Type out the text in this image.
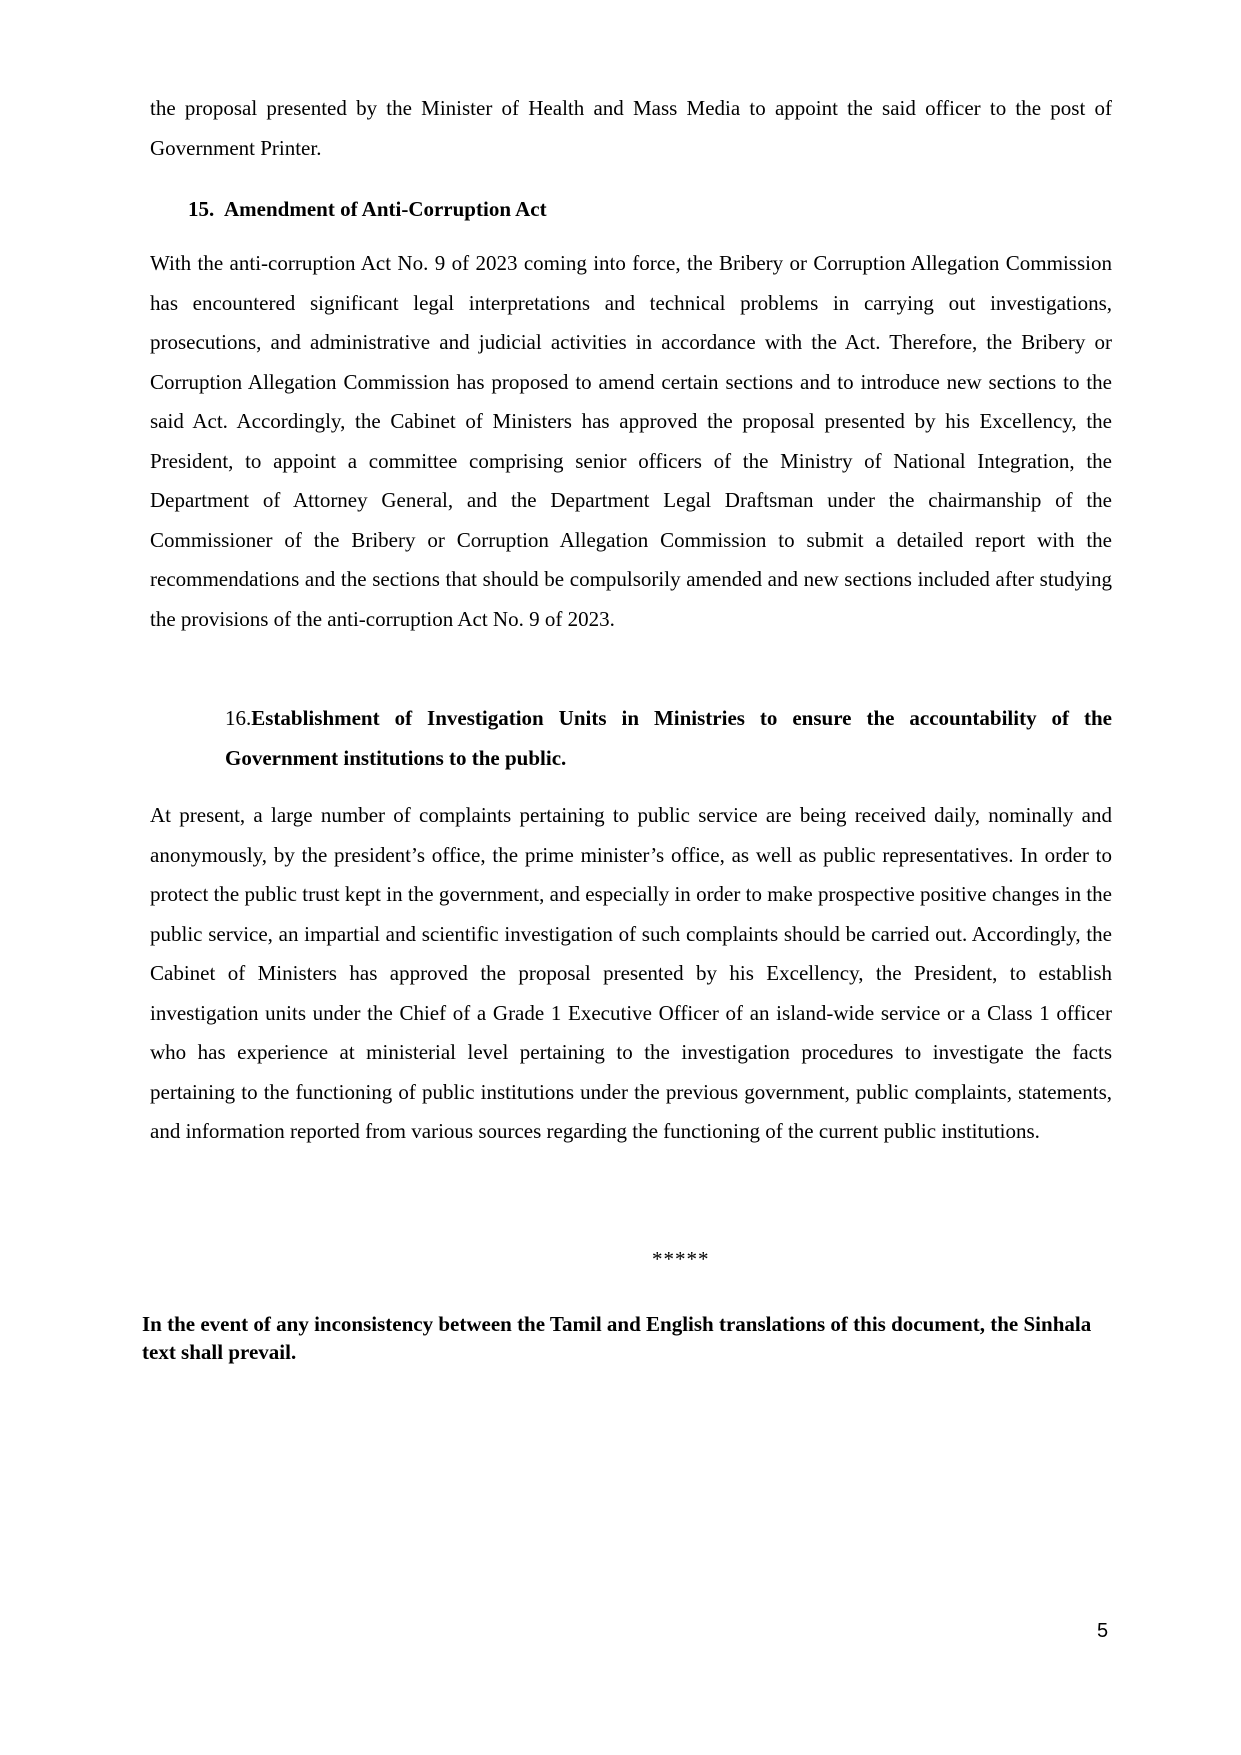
the proposal presented by the Minister of Health and Mass Media to appoint the said officer to the post of Government Printer.

15. Amendment of Anti-Corruption Act

With the anti-corruption Act No. 9 of 2023 coming into force, the Bribery or Corruption Allegation Commission has encountered significant legal interpretations and technical problems in carrying out investigations, prosecutions, and administrative and judicial activities in accordance with the Act. Therefore, the Bribery or Corruption Allegation Commission has proposed to amend certain sections and to introduce new sections to the said Act. Accordingly, the Cabinet of Ministers has approved the proposal presented by his Excellency, the President, to appoint a committee comprising senior officers of the Ministry of National Integration, the Department of Attorney General, and the Department Legal Draftsman under the chairmanship of the Commissioner of the Bribery or Corruption Allegation Commission to submit a detailed report with the recommendations and the sections that should be compulsorily amended and new sections included after studying the provisions of the anti-corruption Act No. 9 of 2023.

16.Establishment of Investigation Units in Ministries to ensure the accountability of the Government institutions to the public.

At present, a large number of complaints pertaining to public service are being received daily, nominally and anonymously, by the president’s office, the prime minister’s office, as well as public representatives. In order to protect the public trust kept in the government, and especially in order to make prospective positive changes in the public service, an impartial and scientific investigation of such complaints should be carried out. Accordingly, the Cabinet of Ministers has approved the proposal presented by his Excellency, the President, to establish investigation units under the Chief of a Grade 1 Executive Officer of an island-wide service or a Class 1 officer who has experience at ministerial level pertaining to the investigation procedures to investigate the facts pertaining to the functioning of public institutions under the previous government, public complaints, statements, and information reported from various sources regarding the functioning of the current public institutions.

*****

In the event of any inconsistency between the Tamil and English translations of this document, the Sinhala text shall prevail.

5
